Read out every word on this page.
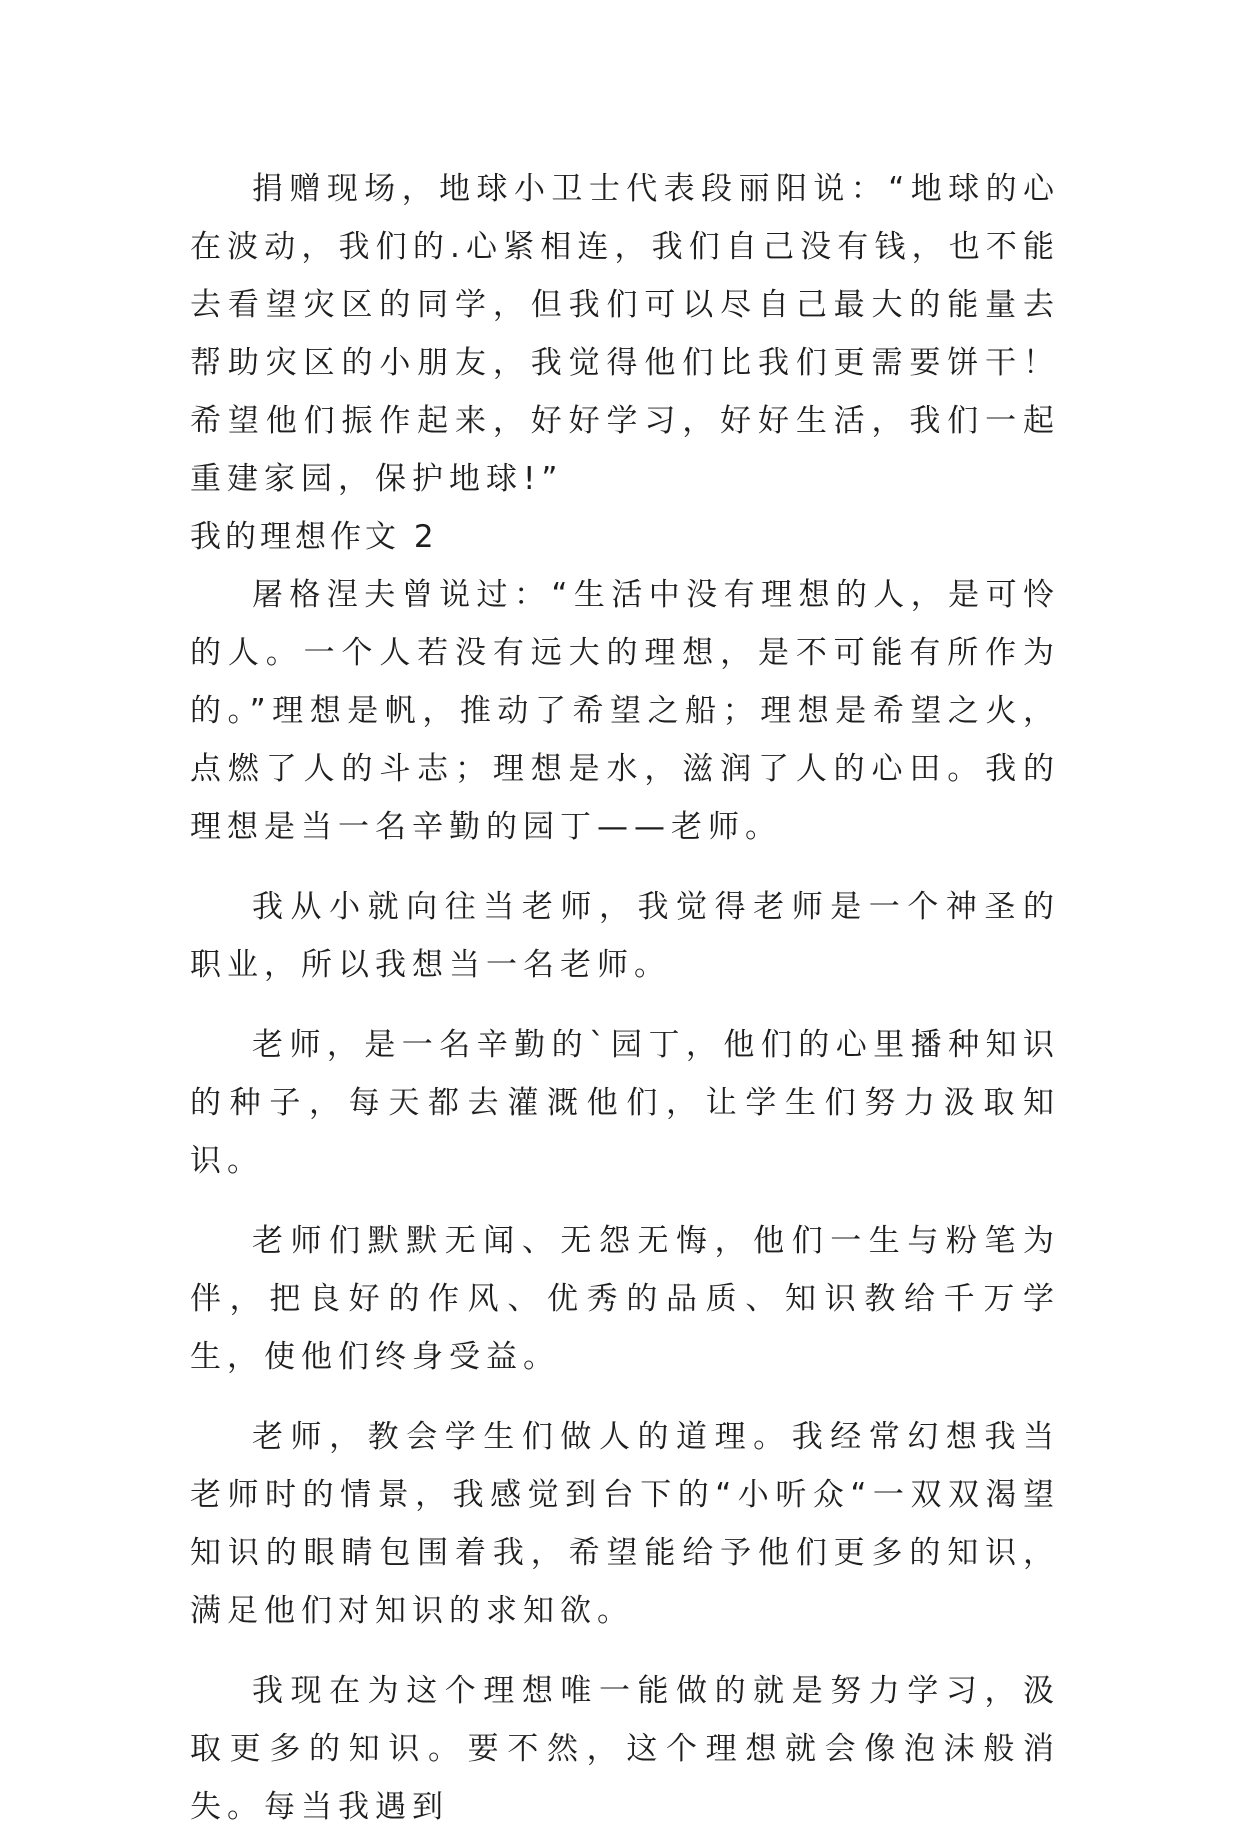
捐赠现场，地球小卫士代表段丽阳说：“地球的心在波动，我们的.心紧相连，我们自己没有钱，也不能去看望灾区的同学，但我们可以尽自己最大的能量去帮助灾区的小朋友，我觉得他们比我们更需要饼干！希望他们振作起来，好好学习，好好生活，我们一起重建家园，保护地球!”

我的理想作文 2

屠格涅夫曾说过：“生活中没有理想的人，是可怜的人。一个人若没有远大的理想，是不可能有所作为的。”理想是帆，推动了希望之船；理想是希望之火，点燃了人的斗志；理想是水，滋润了人的心田。我的理想是当一名辛勤的园丁——老师。

我从小就向往当老师，我觉得老师是一个神圣的职业，所以我想当一名老师。

老师，是一名辛勤的`园丁，他们的心里播种知识的种子，每天都去灌溉他们，让学生们努力汲取知识。

老师们默默无闻、无怨无悔，他们一生与粉笔为伴，把良好的作风、优秀的品质、知识教给千万学生，使他们终身受益。

老师，教会学生们做人的道理。我经常幻想我当老师时的情景，我感觉到台下的“小听众“一双双渴望知识的眼睛包围着我，希望能给予他们更多的知识，满足他们对知识的求知欲。

我现在为这个理想唯一能做的就是努力学习，汲取更多的知识。要不然，这个理想就会像泡沫般消失。每当我遇到
